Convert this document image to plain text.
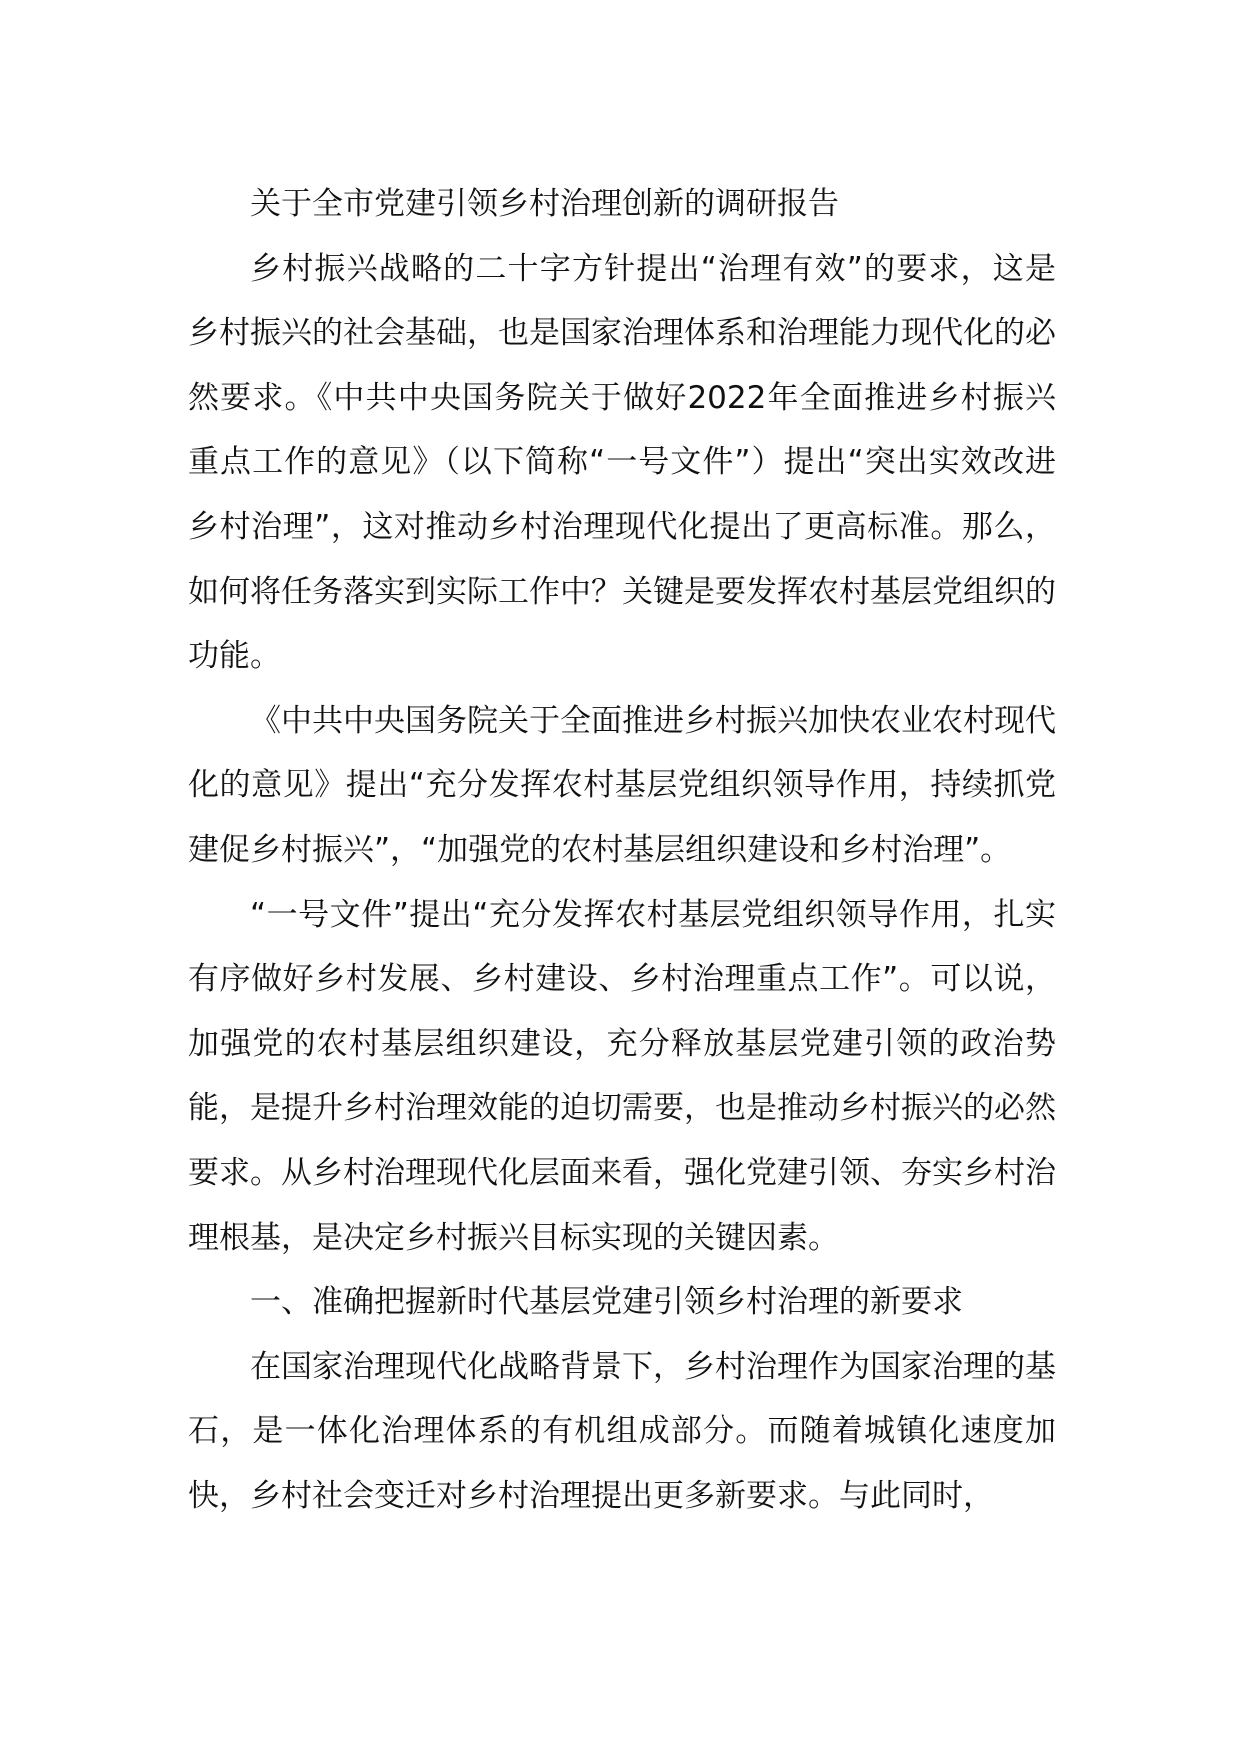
关于全市党建引领乡村治理创新的调研报告

乡村振兴战略的二十字方针提出“治理有效”的要求，这是乡村振兴的社会基础，也是国家治理体系和治理能力现代化的必然要求。《中共中央国务院关于做好2022年全面推进乡村振兴重点工作的意见》（以下简称“一号文件”）提出“突出实效改进乡村治理”，这对推动乡村治理现代化提出了更高标准。那么，如何将任务落实到实际工作中？关键是要发挥农村基层党组织的功能。

《中共中央国务院关于全面推进乡村振兴加快农业农村现代化的意见》提出“充分发挥农村基层党组织领导作用，持续抓党建促乡村振兴”，“加强党的农村基层组织建设和乡村治理”。

“一号文件”提出“充分发挥农村基层党组织领导作用，扎实有序做好乡村发展、乡村建设、乡村治理重点工作”。可以说，加强党的农村基层组织建设，充分释放基层党建引领的政治势能，是提升乡村治理效能的迫切需要，也是推动乡村振兴的必然要求。从乡村治理现代化层面来看，强化党建引领、夯实乡村治理根基，是决定乡村振兴目标实现的关键因素。

一、准确把握新时代基层党建引领乡村治理的新要求

在国家治理现代化战略背景下，乡村治理作为国家治理的基石，是一体化治理体系的有机组成部分。而随着城镇化速度加快，乡村社会变迁对乡村治理提出更多新要求。与此同时，
